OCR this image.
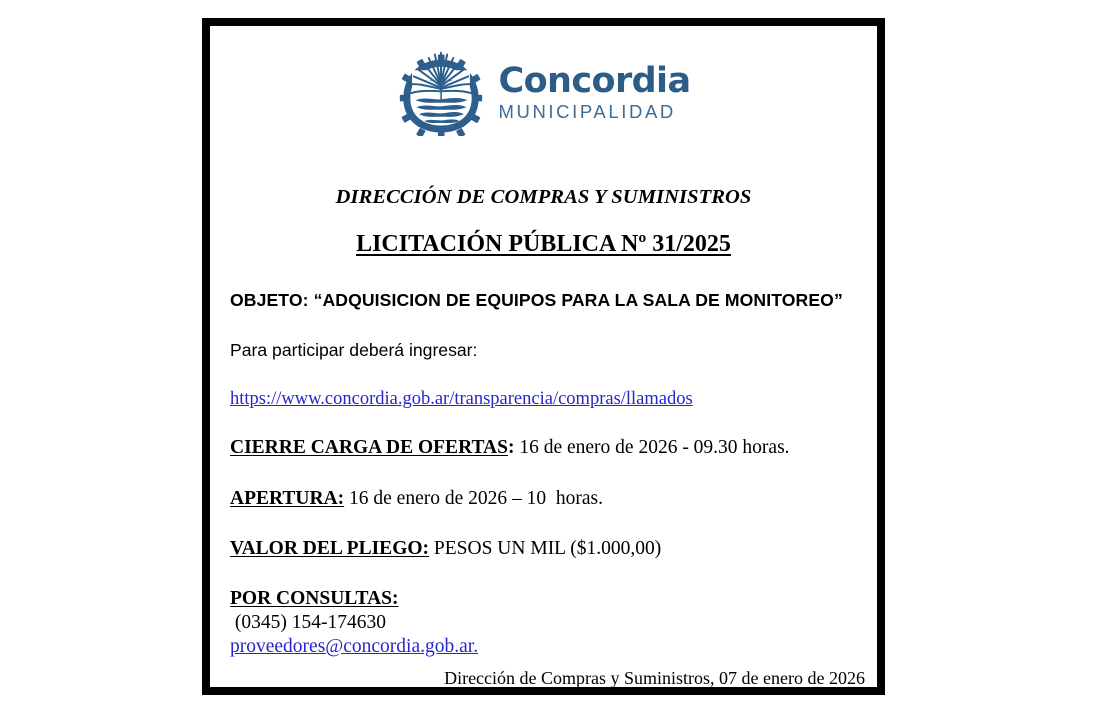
Concordia
MUNICIPALIDAD
DIRECCIÓN DE COMPRAS Y SUMINISTROS
LICITACIÓN PÚBLICA Nº 31/2025

OBJETO: “ADQUISICION DE EQUIPOS PARA LA SALA DE MONITOREO”

Para participar deberá ingresar:

https://www.concordia.gob.ar/transparencia/compras/llamados

CIERRE CARGA DE OFERTAS: 16 de enero de 2026 - 09.30 horas.

APERTURA: 16 de enero de 2026 – 10  horas.

VALOR DEL PLIEGO: PESOS UN MIL ($1.000,00)

POR CONSULTAS:
(0345) 154-174630
proveedores@concordia.gob.ar.

Dirección de Compras y Suministros, 07 de enero de 2026
